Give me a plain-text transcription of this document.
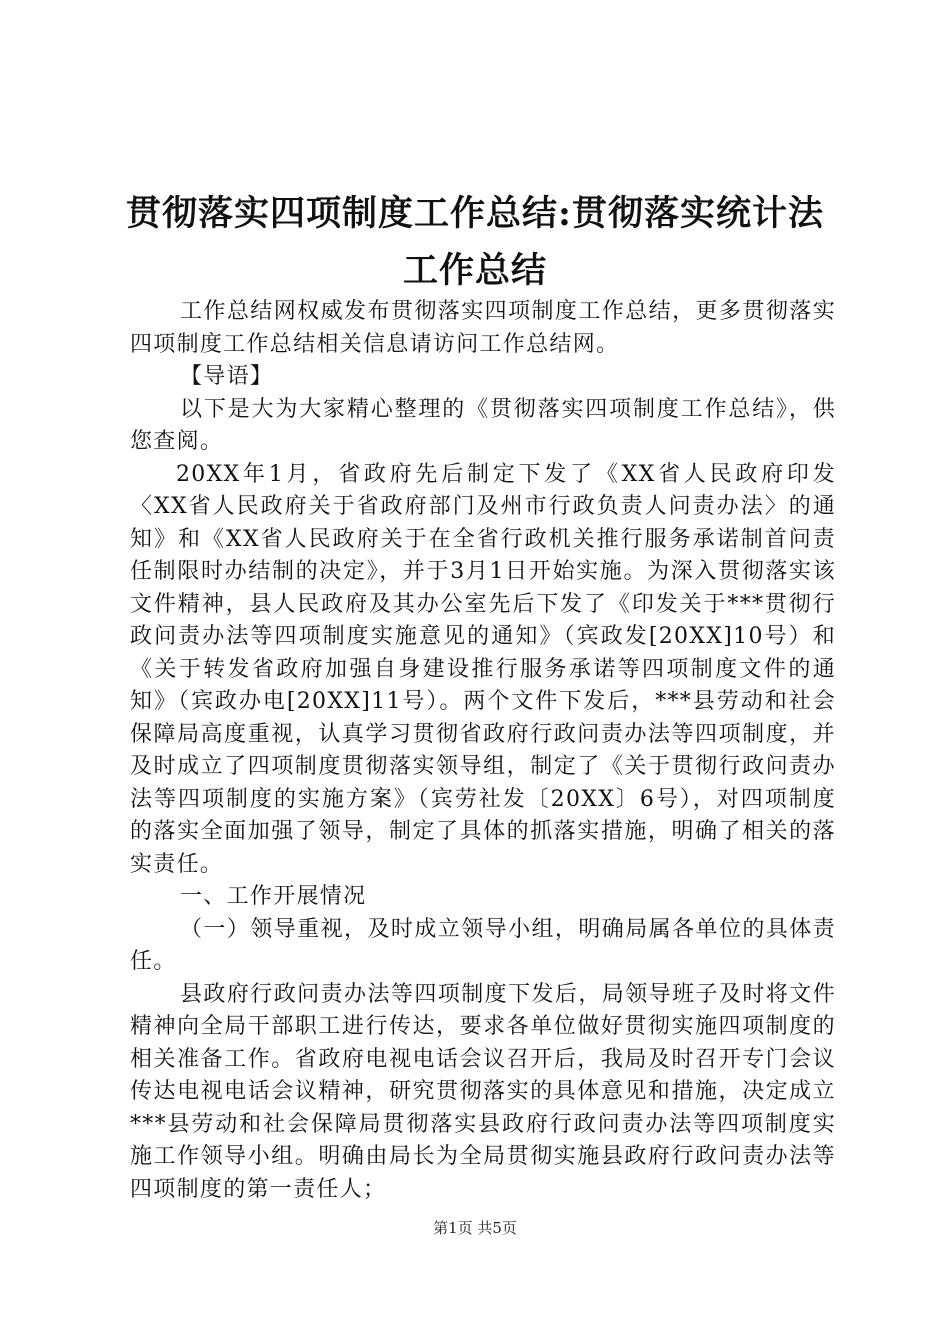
贯彻落实四项制度工作总结:贯彻落实统计法
工作总结

工作总结网权威发布贯彻落实四项制度工作总结，更多贯彻落实四项制度工作总结相关信息请访问工作总结网。

【导语】

以下是大为大家精心整理的《贯彻落实四项制度工作总结》，供您查阅。

20XX年1月，省政府先后制定下发了《XX省人民政府印发〈XX省人民政府关于省政府部门及州市行政负责人问责办法〉的通知》和《XX省人民政府关于在全省行政机关推行服务承诺制首问责任制限时办结制的决定》，并于3月1日开始实施。为深入贯彻落实该文件精神，县人民政府及其办公室先后下发了《印发关于***贯彻行政问责办法等四项制度实施意见的通知》（宾政发[20XX]10号）和《关于转发省政府加强自身建设推行服务承诺等四项制度文件的通知》（宾政办电[20XX]11号）。两个文件下发后，***县劳动和社会保障局高度重视，认真学习贯彻省政府行政问责办法等四项制度，并及时成立了四项制度贯彻落实领导组，制定了《关于贯彻行政问责办法等四项制度的实施方案》（宾劳社发〔20XX〕6号），对四项制度的落实全面加强了领导，制定了具体的抓落实措施，明确了相关的落实责任。

一、工作开展情况

（一）领导重视，及时成立领导小组，明确局属各单位的具体责任。

县政府行政问责办法等四项制度下发后，局领导班子及时将文件精神向全局干部职工进行传达，要求各单位做好贯彻实施四项制度的相关准备工作。省政府电视电话会议召开后，我局及时召开专门会议传达电视电话会议精神，研究贯彻落实的具体意见和措施，决定成立***县劳动和社会保障局贯彻落实县政府行政问责办法等四项制度实施工作领导小组。明确由局长为全局贯彻实施县政府行政问责办法等四项制度的第一责任人；

第1页 共5页
